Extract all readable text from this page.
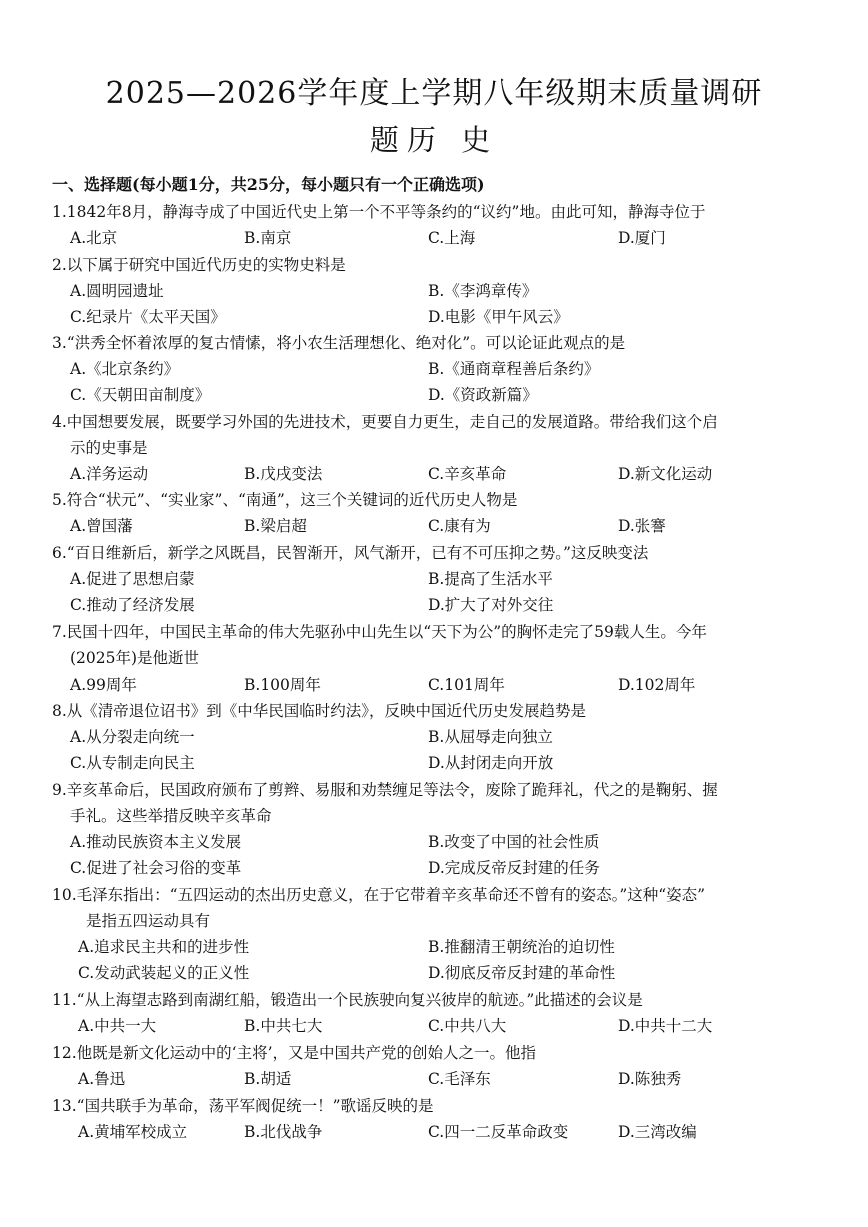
2025—2026学年度上学期八年级期末质量调研
题历 史
一、选择题(每小题1分，共25分，每小题只有一个正确选项)
1.1842年8月，静海寺成了中国近代史上第一个不平等条约的“议约”地。由此可知，静海寺位于
A.北京	B.南京	C.上海	D.厦门
2.以下属于研究中国近代历史的实物史料是
A.圆明园遗址	B.《李鸿章传》
C.纪录片《太平天国》	D.电影《甲午风云》
3.“洪秀全怀着浓厚的复古情愫，将小农生活理想化、绝对化”。可以论证此观点的是
A.《北京条约》	B.《通商章程善后条约》
C.《天朝田亩制度》	D.《资政新篇》
4.中国想要发展，既要学习外国的先进技术，更要自力更生，走自己的发展道路。带给我们这个启
示的史事是
A.洋务运动	B.戊戌变法	C.辛亥革命	D.新文化运动
5.符合“状元”、“实业家”、“南通”，这三个关键词的近代历史人物是
A.曾国藩	B.梁启超	C.康有为	D.张謇
6.“百日维新后，新学之风既昌，民智渐开，风气渐开，已有不可压抑之势。”这反映变法
A.促进了思想启蒙	B.提高了生活水平
C.推动了经济发展	D.扩大了对外交往
7.民国十四年，中国民主革命的伟大先驱孙中山先生以“天下为公”的胸怀走完了59载人生。今年
(2025年)是他逝世
A.99周年	B.100周年	C.101周年	D.102周年
8.从《清帝退位诏书》到《中华民国临时约法》，反映中国近代历史发展趋势是
A.从分裂走向统一	B.从屈辱走向独立
C.从专制走向民主	D.从封闭走向开放
9.辛亥革命后，民国政府颁布了剪辫、易服和劝禁缠足等法令，废除了跪拜礼，代之的是鞠躬、握
手礼。这些举措反映辛亥革命
A.推动民族资本主义发展	B.改变了中国的社会性质
C.促进了社会习俗的变革	D.完成反帝反封建的任务
10.毛泽东指出：“五四运动的杰出历史意义，在于它带着辛亥革命还不曾有的姿态。”这种“姿态”
是指五四运动具有
A.追求民主共和的进步性	B.推翻清王朝统治的迫切性
C.发动武装起义的正义性	D.彻底反帝反封建的革命性
11.“从上海望志路到南湖红船，锻造出一个民族驶向复兴彼岸的航迹。”此描述的会议是
A.中共一大	B.中共七大	C.中共八大	D.中共十二大
12.他既是新文化运动中的‘主将’，又是中国共产党的创始人之一。他指
A.鲁迅	B.胡适	C.毛泽东	D.陈独秀
13.“国共联手为革命，荡平军阀促统一！”歌谣反映的是
A.黄埔军校成立	B.北伐战争	C.四一二反革命政变	D.三湾改编
